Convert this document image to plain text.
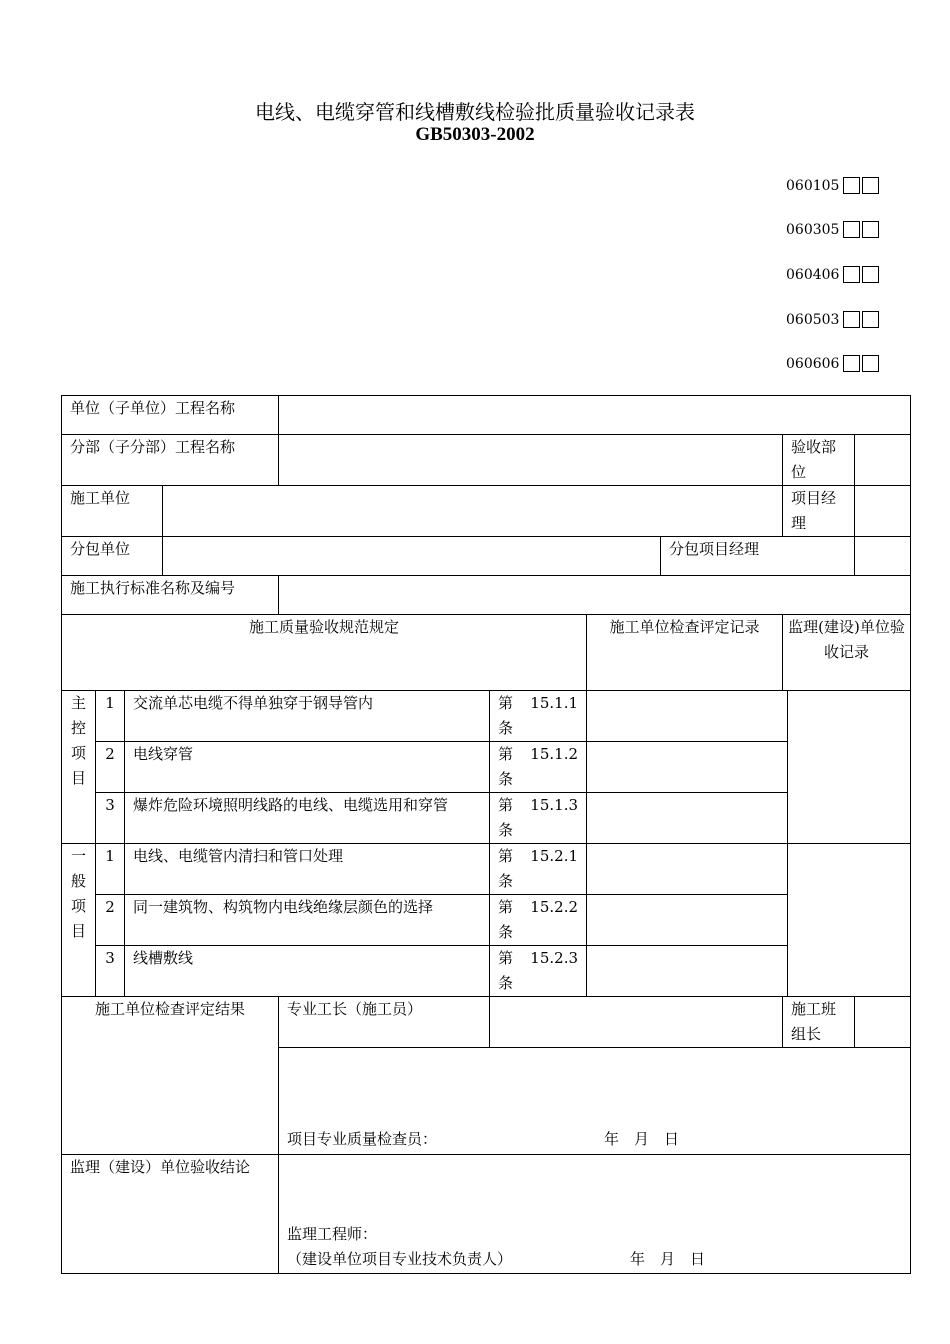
电线、电缆穿管和线槽敷线检验批质量验收记录表
GB50303-2002
060105
060305
060406
060503
060606
单位（子单位）工程名称										
分部（子分部）工程名称								验收部位		
施工单位								项目经理		
分包单位							分包项目经理			
施工执行标准名称及编号										
施工质量验收规范规定						施工单位检查评定记录		监理(建设)单位验收记录		
主控项目	1	交流单芯电缆不得单独穿于钢导管内			第 15.1.1
条					

	2	电线穿管			第 15.1.2
条					

	3	爆炸危险环境照明线路的电线、电缆选用和穿管			第 15.1.3
条					

一般项目	1	电线、电缆管内清扫和管口处理			第 15.2.1
条					

	2	同一建筑物、构筑物内电线绝缘层颜色的选择			第 15.2.2
条					

	3	线槽敷线			第 15.2.3
条					

施工单位检查评定结果				专业工长（施工员）				施工班组长		
				项目专业质量检查员： 年　月　日						
监理（建设）单位验收结论				监理工程师：
（建设单位项目专业技术负责人） 年　月　日						
